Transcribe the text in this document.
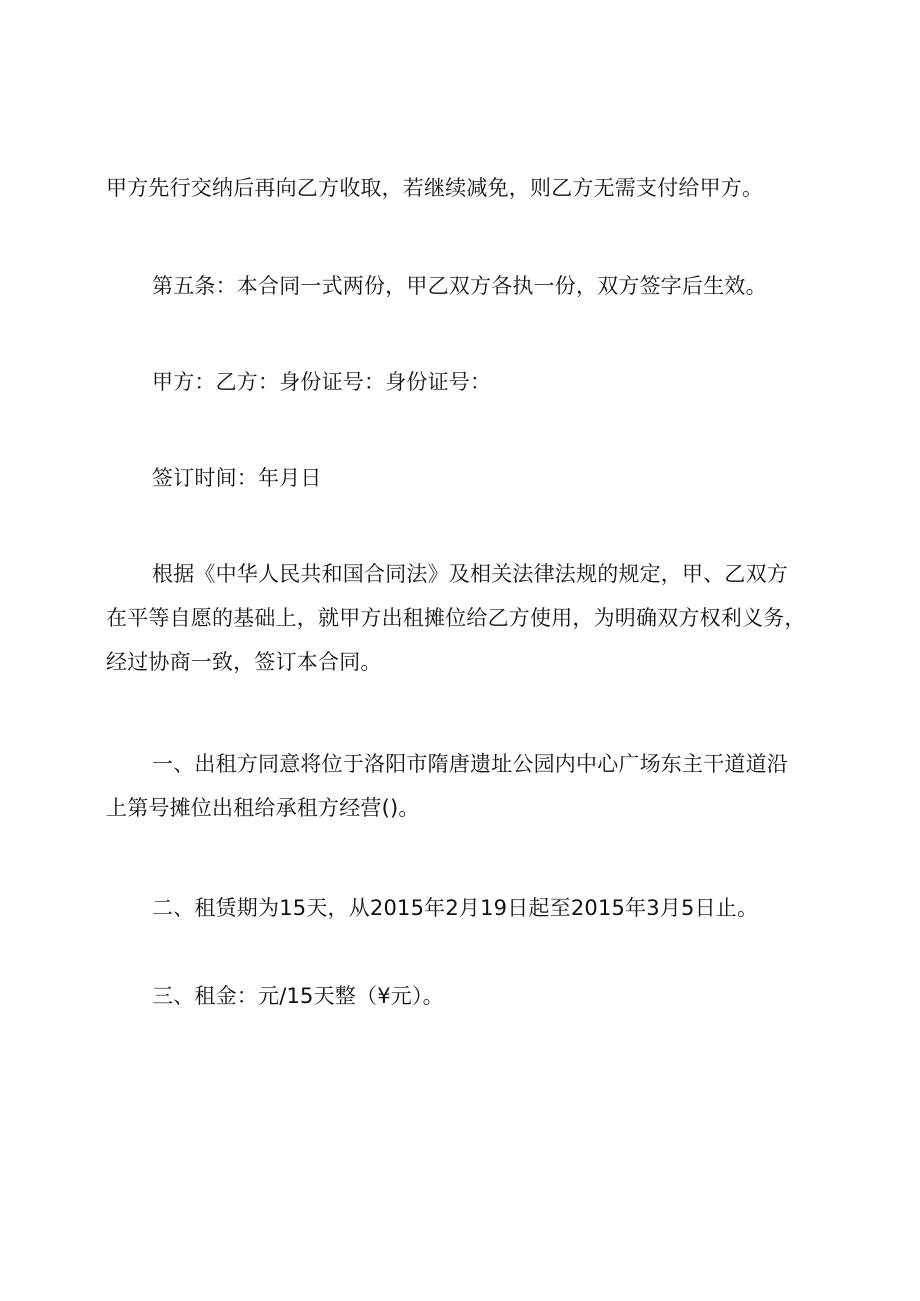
甲方先行交纳后再向乙方收取，若继续减免，则乙方无需支付给甲方。

第五条：本合同一式两份，甲乙双方各执一份，双方签字后生效。

甲方：乙方：身份证号：身份证号：

签订时间：年月日

根据《中华人民共和国合同法》及相关法律法规的规定，甲、乙双方在平等自愿的基础上，就甲方出租摊位给乙方使用，为明确双方权利义务，经过协商一致，签订本合同。

一、出租方同意将位于洛阳市隋唐遗址公园内中心广场东主干道道沿上第号摊位出租给承租方经营()。

二、租赁期为15天，从2015年2月19日起至2015年3月5日止。

三、租金：元/15天整（¥元）。
